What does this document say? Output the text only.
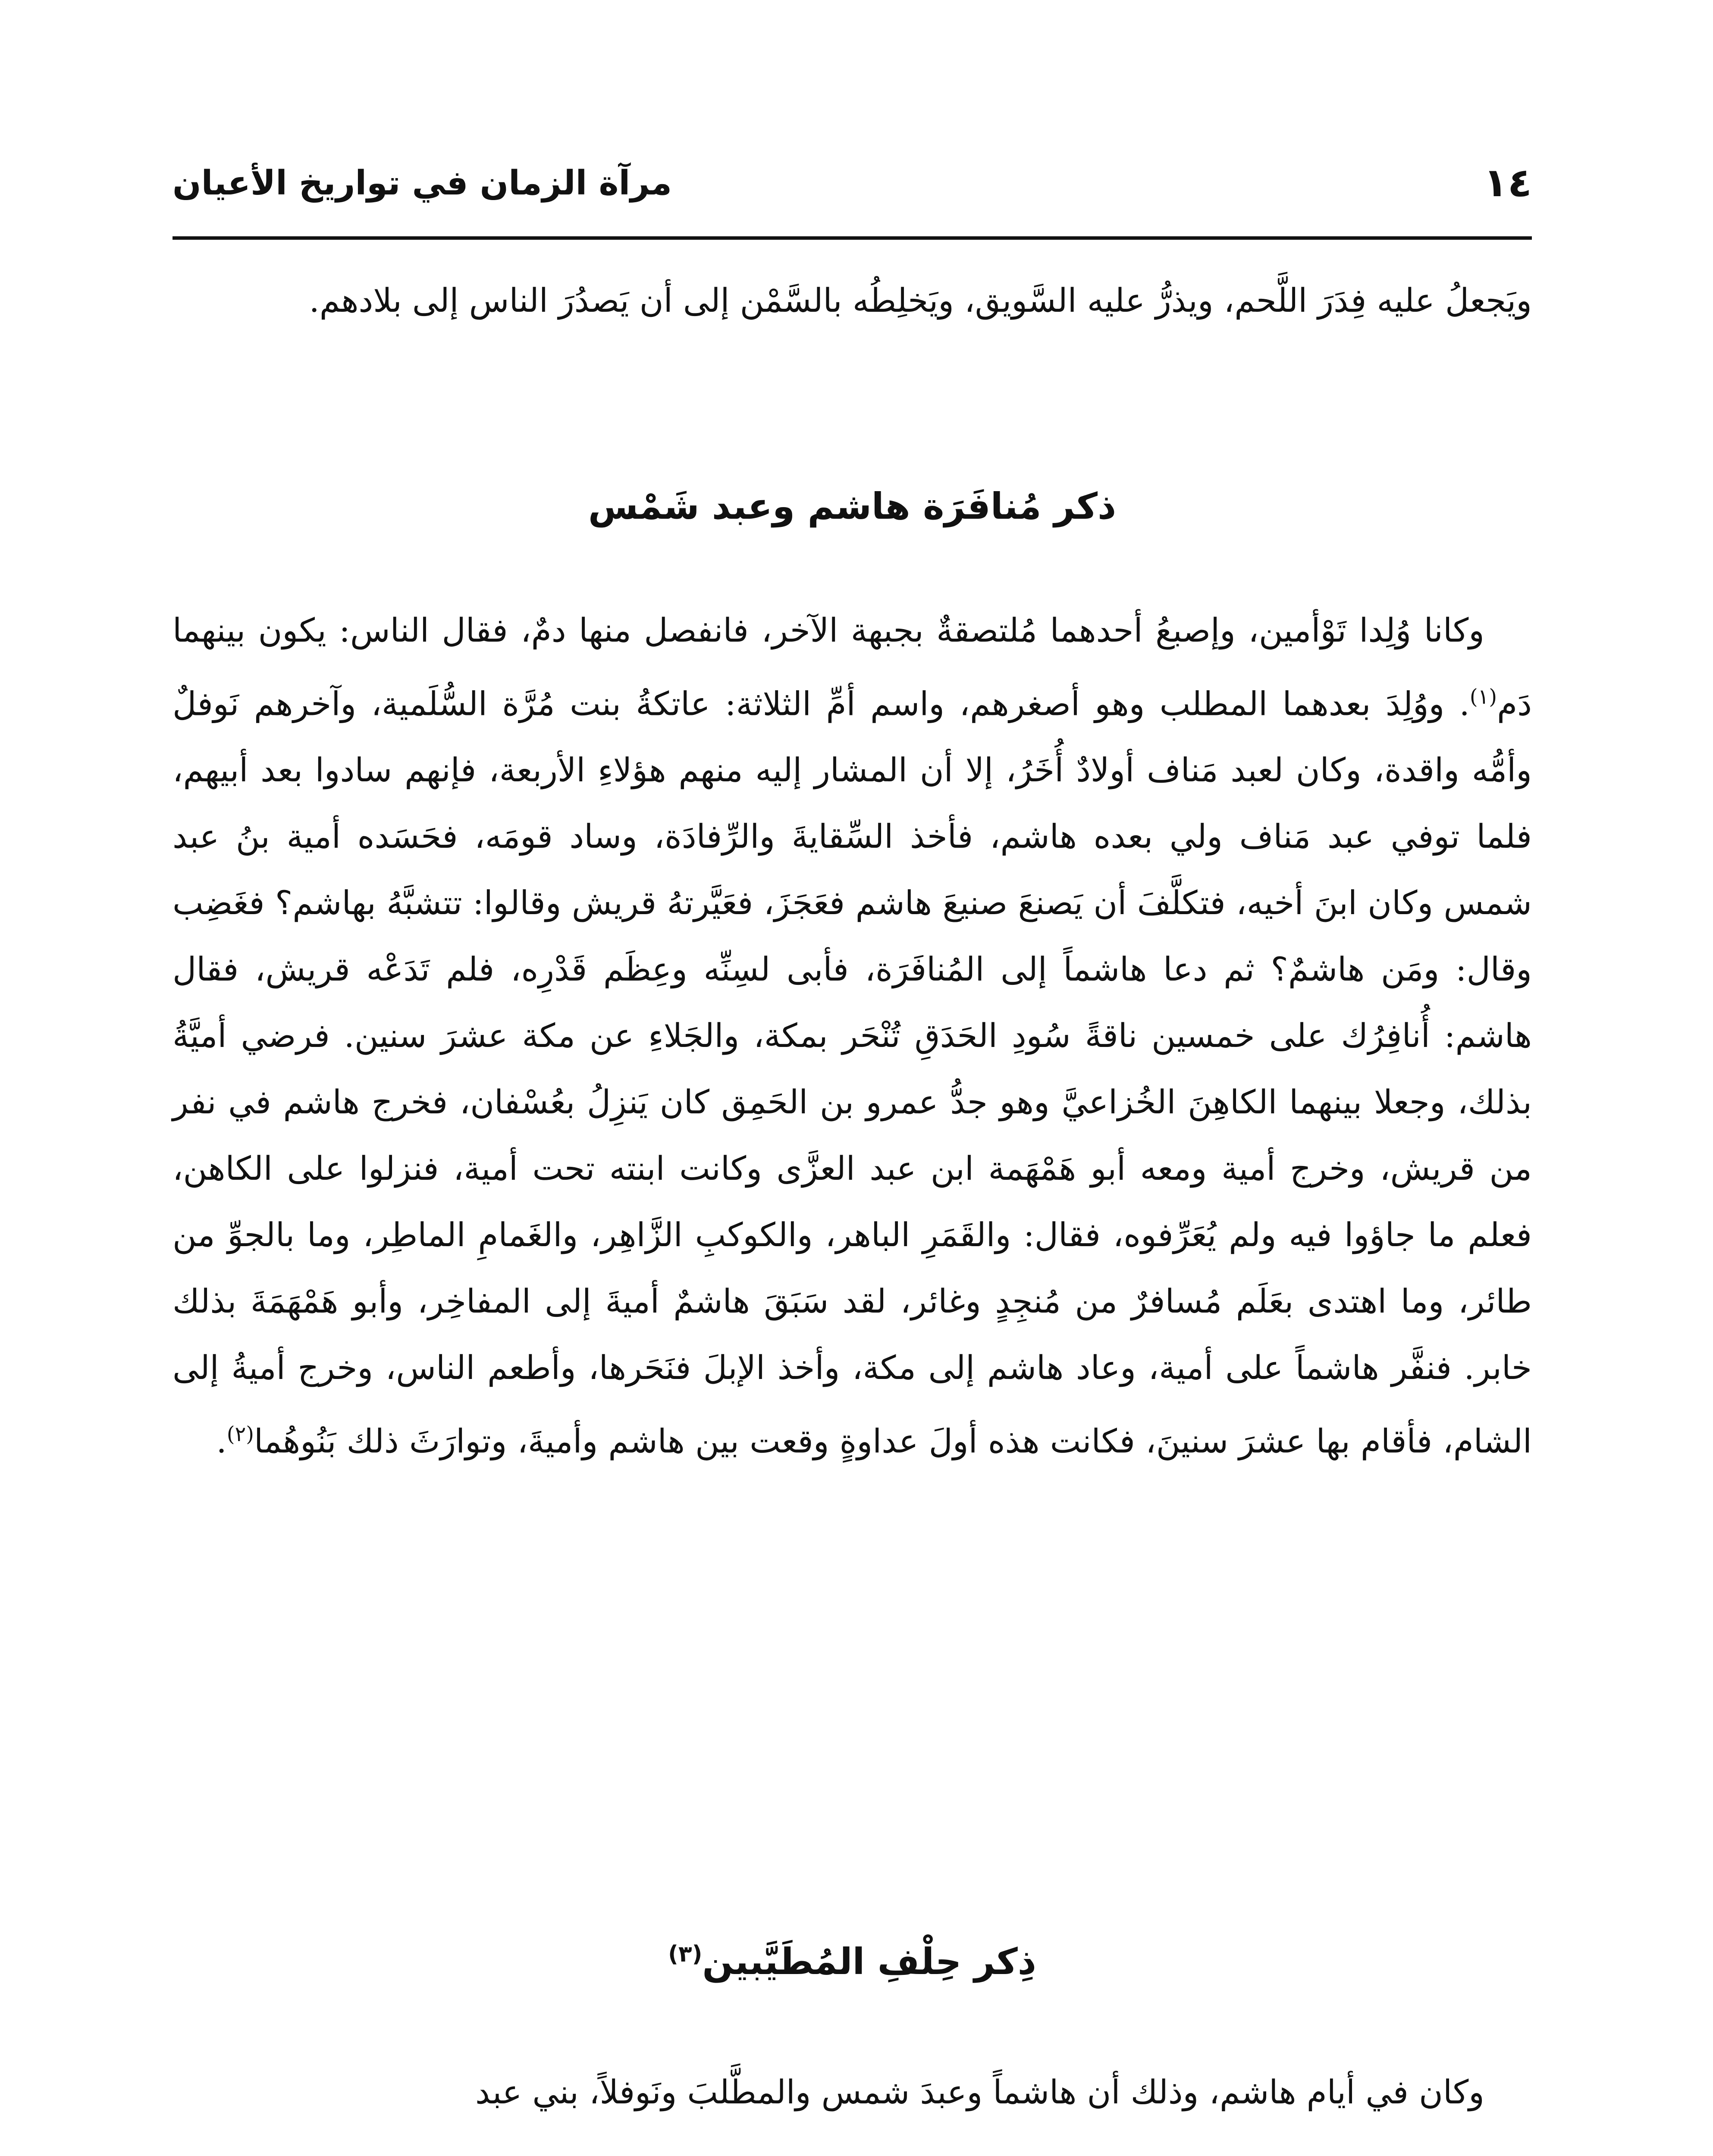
١٤
مرآة الزمان في تواريخ الأعيان

ويَجعلُ عليه فِدَرَ اللَّحم، ويذرُّ عليه السَّويق، ويَخلِطُه بالسَّمْن إلى أن يَصدُرَ الناس إلى بلادهم.

ذكر مُنافَرَة هاشم وعبد شَمْس

وكانا وُلِدا تَوْأمين، وإصبعُ أحدهما مُلتصقةٌ بجبهة الآخر، فانفصل منها دمٌ، فقال الناس: يكون بينهما دَم$^{(١)}$. ووُلِدَ بعدهما المطلب وهو أصغرهم، واسم أمِّ الثلاثة: عاتكةُ بنت مُرَّة السُّلَمية، وآخرهم نَوفلٌ وأمُّه واقدة، وكان لعبد مَناف أولادٌ أُخَرُ، إلا أن المشار إليه منهم هؤلاءِ الأربعة، فإنهم سادوا بعد أبيهم، فلما توفي عبد مَناف ولي بعده هاشم، فأخذ السِّقايةَ والرِّفادَة، وساد قومَه، فحَسَده أمية بنُ عبد شمس وكان ابنَ أخيه، فتكلَّفَ أن يَصنعَ صنيعَ هاشم فعَجَزَ، فعَيَّرتهُ قريش وقالوا: تتشبَّهُ بهاشم؟ فغَضِب وقال: ومَن هاشمٌ؟ ثم دعا هاشماً إلى المُنافَرَة، فأبى لسِنِّه وعِظَم قَدْرِه، فلم تَدَعْه قريش، فقال هاشم: أُنافِرُك على خمسين ناقةً سُودِ الحَدَقِ تُنْحَر بمكة، والجَلاءِ عن مكة عشرَ سنين. فرضي أميَّةُ بذلك، وجعلا بينهما الكاهِنَ الخُزاعيَّ وهو جدُّ عمرو بن الحَمِق كان يَنزِلُ بعُسْفان، فخرج هاشم في نفر من قريش، وخرج أمية ومعه أبو هَمْهَمة ابن عبد العزَّى وكانت ابنته تحت أمية، فنزلوا على الكاهن، فعلم ما جاؤوا فيه ولم يُعَرِّفوه، فقال: والقَمَرِ الباهر، والكوكبِ الزَّاهِر، والغَمامِ الماطِر، وما بالجوِّ من طائر، وما اهتدى بعَلَم مُسافرٌ من مُنجِدٍ وغائر، لقد سَبَقَ هاشمٌ أميةَ إلى المفاخِر، وأبو هَمْهَمَةَ بذلك خابر. فنفَّر هاشماً على أمية، وعاد هاشم إلى مكة، وأخذ الإبلَ فنَحَرها، وأطعم الناس، وخرج أميةُ إلى الشام، فأقام بها عشرَ سنينَ، فكانت هذه أولَ عداوةٍ وقعت بين هاشم وأميةَ، وتوارَثَ ذلك بَنُوهُما$^{(٢)}$.

ذِكر حِلْفِ المُطَيَّبين$^{(٣)}$

وكان في أيام هاشم، وذلك أن هاشماً وعبدَ شمس والمطَّلبَ ونَوفلاً، بني عبد
